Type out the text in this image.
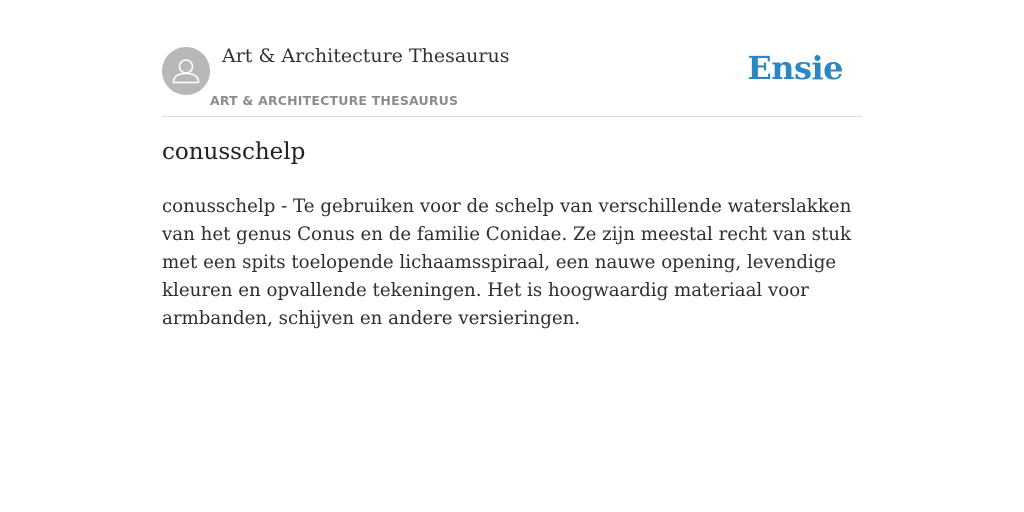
Art & Architecture Thesaurus
ART & ARCHITECTURE THESAURUS
Ensie
conusschelp

conusschelp - Te gebruiken voor de schelp van verschillende waterslakken van het genus Conus en de familie Conidae. Ze zijn meestal recht van stuk met een spits toelopende lichaamsspiraal, een nauwe opening, levendige kleuren en opvallende tekeningen. Het is hoogwaardig materiaal voor armbanden, schijven en andere versieringen.
